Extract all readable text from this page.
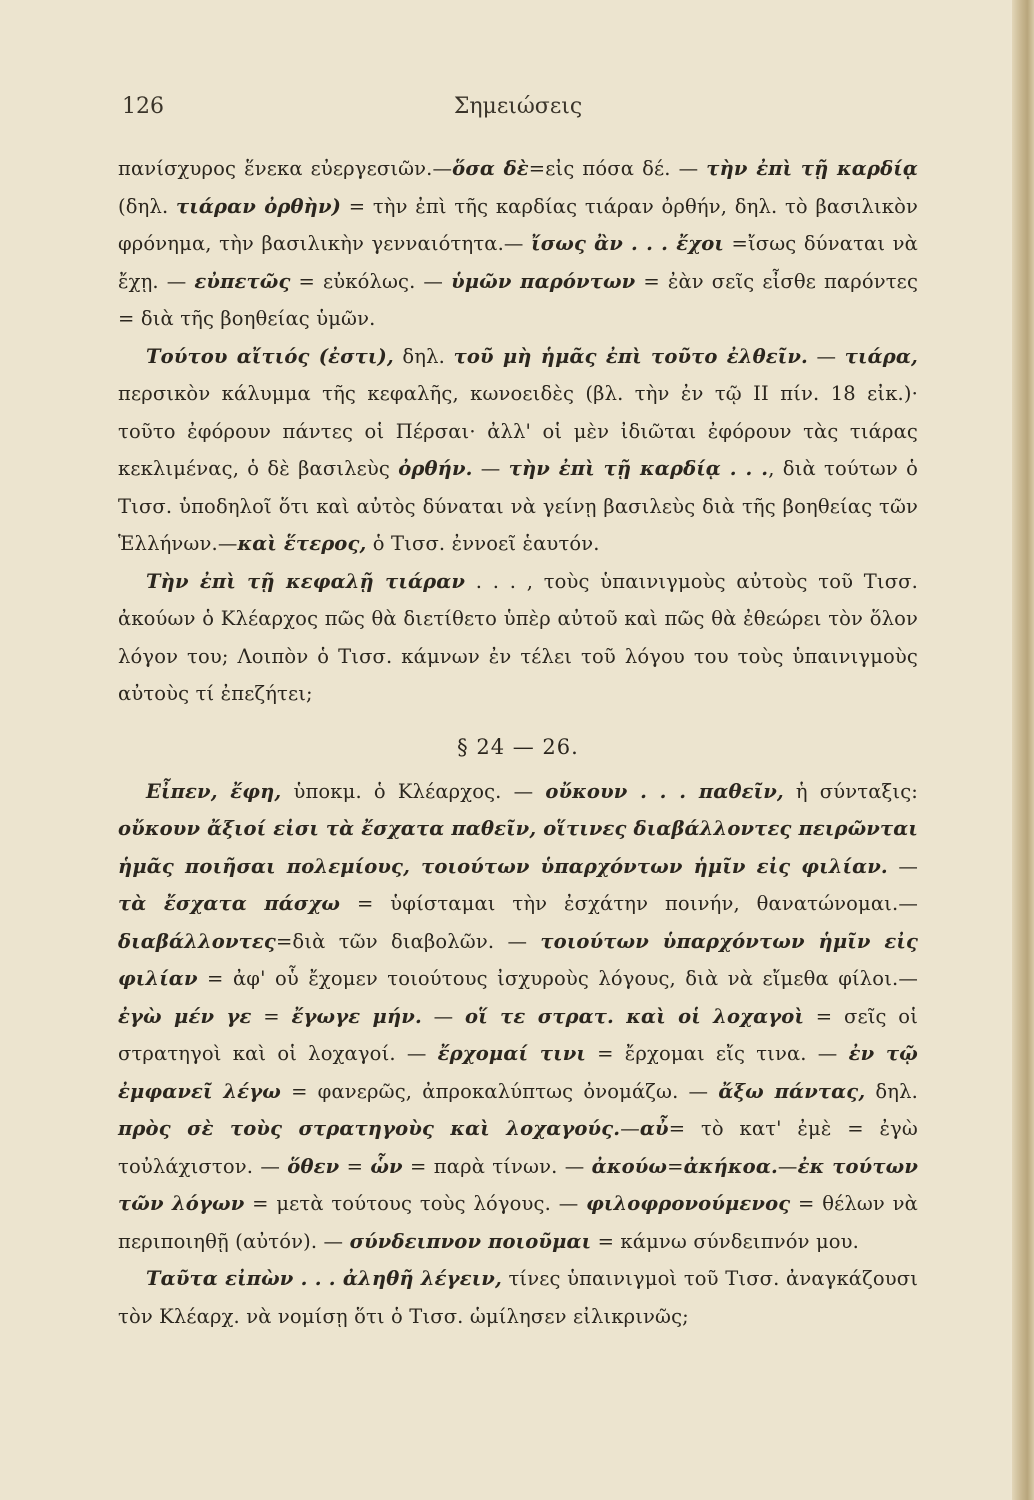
126	Σημειώσεις

πανίσχυρος ἕνεκα εὐεργεσιῶν.—ὅσα δὲ=εἰς πόσα δέ. — τὴν ἐπὶ τῇ καρδίᾳ (δηλ. τιάραν ὀρθὴν) = τὴν ἐπὶ τῆς καρδίας τιάραν ὀρθήν, δηλ. τὸ βασιλικὸν φρόνημα, τὴν βασιλικὴν γενναιότητα.— ἴσως ἂν . . . ἔχοι =ἴσως δύναται νὰ ἔχῃ. — εὐπετῶς = εὐκόλως. — ὑμῶν παρόντων = ἐὰν σεῖς εἶσθε παρόντες = διὰ τῆς βοηθείας ὑμῶν.

Τούτου αἴτιός (ἐστι), δηλ. τοῦ μὴ ἡμᾶς ἐπὶ τοῦτο ἐλθεῖν. — τιάρα, περσικὸν κάλυμμα τῆς κεφαλῆς, κωνοειδὲς (βλ. τὴν ἐν τῷ ΙΙ πίν. 18 εἰκ.)· τοῦτο ἐφόρουν πάντες οἱ Πέρσαι· ἀλλ' οἱ μὲν ἰδιῶται ἐφόρουν τὰς τιάρας κεκλιμένας, ὁ δὲ βασιλεὺς ὀρθήν. — τὴν ἐπὶ τῇ καρδίᾳ . . ., διὰ τούτων ὁ Τισσ. ὑποδηλοῖ ὅτι καὶ αὐτὸς δύναται νὰ γείνῃ βασιλεὺς διὰ τῆς βοηθείας τῶν Ἑλλήνων.—καὶ ἕτερος, ὁ Τισσ. ἐννοεῖ ἑαυτόν.

Τὴν ἐπὶ τῇ κεφαλῇ τιάραν . . . , τοὺς ὑπαινιγμοὺς αὐτοὺς τοῦ Τισσ. ἀκούων ὁ Κλέαρχος πῶς θὰ διετίθετο ὑπὲρ αὐτοῦ καὶ πῶς θὰ ἐθεώρει τὸν ὅλον λόγον του; Λοιπὸν ὁ Τισσ. κάμνων ἐν τέλει τοῦ λόγου του τοὺς ὑπαινιγμοὺς αὐτοὺς τί ἐπεζήτει;

§ 24 — 26.

Εἶπεν, ἔφη, ὑποκμ. ὁ Κλέαρχος. — οὔκουν . . . παθεῖν, ἡ σύνταξις: οὔκουν ἄξιοί εἰσι τὰ ἔσχατα παθεῖν, οἵτινες διαβάλλοντες πειρῶνται ἡμᾶς ποιῆσαι πολεμίους, τοιούτων ὑπαρχόντων ἡμῖν εἰς φιλίαν. — τὰ ἔσχατα πάσχω = ὑφίσταμαι τὴν ἐσχάτην ποινήν, θανατώνομαι.— διαβάλλοντες=διὰ τῶν διαβολῶν. — τοιούτων ὑπαρχόντων ἡμῖν εἰς φιλίαν = ἀφ' οὗ ἔχομεν τοιούτους ἰσχυροὺς λόγους, διὰ νὰ εἴμεθα φίλοι.—ἐγὼ μέν γε = ἔγωγε μήν. — οἵ τε στρατ. καὶ οἱ λοχαγοὶ = σεῖς οἱ στρατηγοὶ καὶ οἱ λοχαγοί. — ἔρχομαί τινι = ἔρχομαι εἴς τινα. — ἐν τῷ ἐμφανεῖ λέγω = φανερῶς, ἀπροκαλύπτως ὀνομάζω. — ἄξω πάντας, δηλ. πρὸς σὲ τοὺς στρατηγοὺς καὶ λοχαγούς.—αὖ= τὸ κατ' ἐμὲ = ἐγὼ τοὐλάχιστον. — ὅθεν = ὧν = παρὰ τίνων. — ἀκούω=ἀκήκοα.—ἐκ τούτων τῶν λόγων = μετὰ τούτους τοὺς λόγους. — φιλοφρονούμενος = θέλων νὰ περιποιηθῇ (αὐτόν). — σύνδειπνον ποιοῦμαι = κάμνω σύνδειπνόν μου.

Ταῦτα εἰπὼν . . . ἀληθῆ λέγειν, τίνες ὑπαινιγμοὶ τοῦ Τισσ. ἀναγκάζουσι τὸν Κλέαρχ. νὰ νομίσῃ ὅτι ὁ Τισσ. ὡμίλησεν εἰλικρινῶς;
